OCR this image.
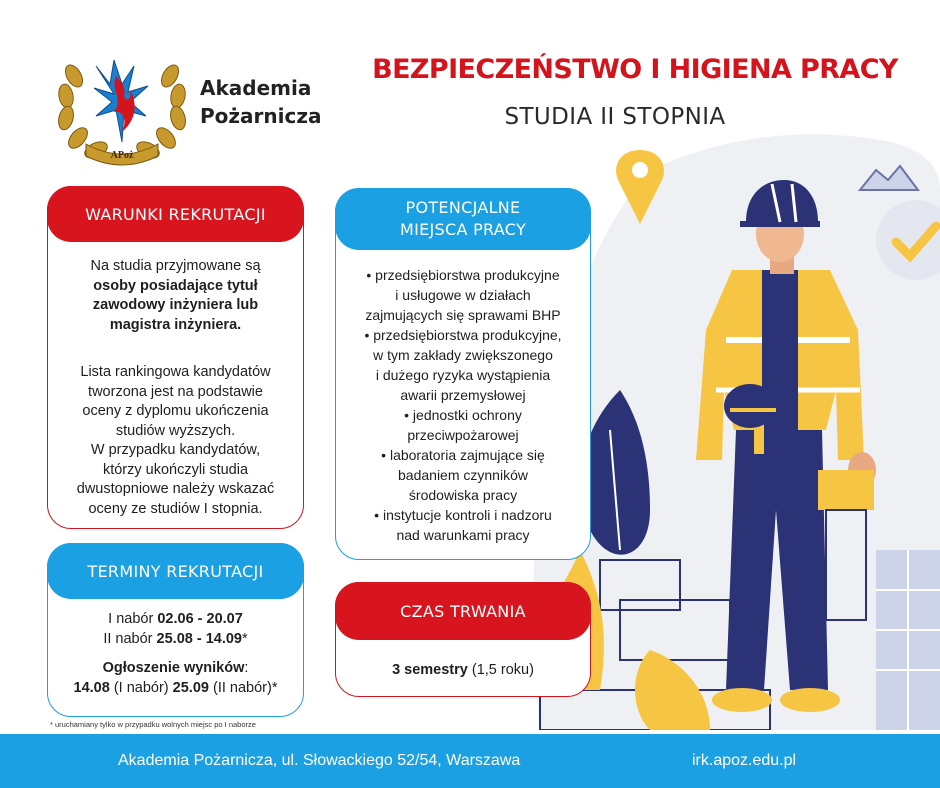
APoż
Akademia
Pożarnicza
BEZPIECZEŃSTWO I HIGIENA PRACY
STUDIA II STOPNIA
WARUNKI REKRUTACJI
Na studia przyjmowane są
osoby posiadające tytuł
zawodowy inżyniera lub
magistra inżyniera.
Lista rankingowa kandydatów
tworzona jest na podstawie
oceny z dyplomu ukończenia
studiów wyższych.
W przypadku kandydatów,
którzy ukończyli studia
dwustopniowe należy wskazać
oceny ze studiów I stopnia.
TERMINY REKRUTACJI
I nabór 02.06 - 20.07
II nabór 25.08 - 14.09*
Ogłoszenie wyników:
14.08 (I nabór) 25.09 (II nabór)*
* uruchamiany tylko w przypadku wolnych miejsc po I naborze
POTENCJALNE
MIEJSCA PRACY
• przedsiębiorstwa produkcyjne
i usługowe w działach
zajmujących się sprawami BHP
• przedsiębiorstwa produkcyjne,
w tym zakłady zwiększonego
i dużego ryzyka wystąpienia
awarii przemysłowej
• jednostki ochrony
przeciwpożarowej
• laboratoria zajmujące się
badaniem czynników
środowiska pracy
• instytucje kontroli i nadzoru
nad warunkami pracy
CZAS TRWANIA
3 semestry (1,5 roku)
Akademia Pożarnicza, ul. Słowackiego 52/54, Warszawa	irk.apoz.edu.pl
